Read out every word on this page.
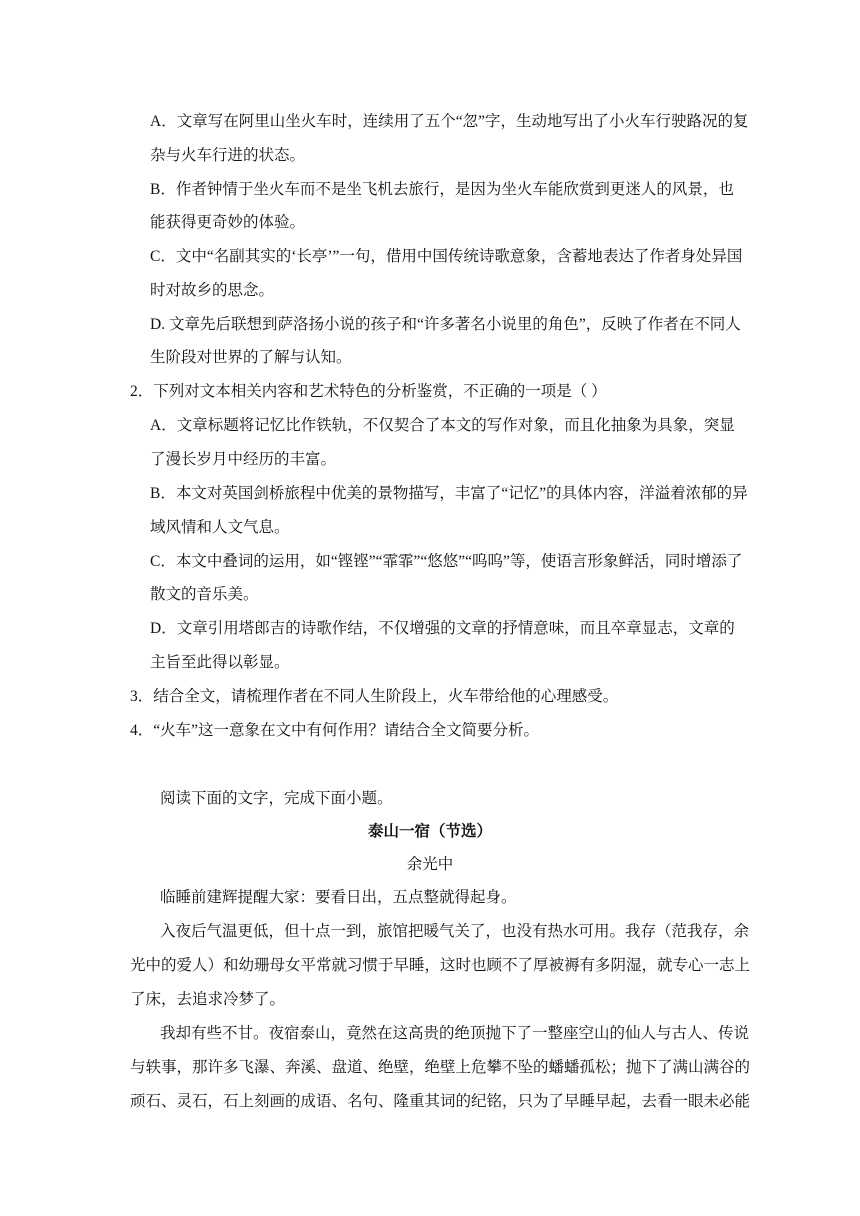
A．文章写在阿里山坐火车时，连续用了五个“忽”字，生动地写出了小火车行驶路况的复
杂与火车行进的状态。
B．作者钟情于坐火车而不是坐飞机去旅行，是因为坐火车能欣赏到更迷人的风景，也
能获得更奇妙的体验。
C．文中“名副其实的‘长亭’”一句，借用中国传统诗歌意象，含蓄地表达了作者身处异国
时对故乡的思念。
D. 文章先后联想到萨洛扬小说的孩子和“许多著名小说里的角色”，反映了作者在不同人
生阶段对世界的了解与认知。
2．下列对文本相关内容和艺术特色的分析鉴赏，不正确的一项是（ ）
A．文章标题将记忆比作铁轨，不仅契合了本文的写作对象，而且化抽象为具象，突显
了漫长岁月中经历的丰富。
B．本文对英国剑桥旅程中优美的景物描写，丰富了“记忆”的具体内容，洋溢着浓郁的异
域风情和人文气息。
C．本文中叠词的运用，如“铿铿”“霏霏”“悠悠”“呜呜”等，使语言形象鲜活，同时增添了
散文的音乐美。
D．文章引用塔郎吉的诗歌作结，不仅增强的文章的抒情意味，而且卒章显志，文章的
主旨至此得以彰显。
3．结合全文，请梳理作者在不同人生阶段上，火车带给他的心理感受。
4．“火车”这一意象在文中有何作用？请结合全文简要分析。
阅读下面的文字，完成下面小题。
泰山一宿（节选）
余光中
临睡前建辉提醒大家：要看日出，五点整就得起身。
入夜后气温更低，但十点一到，旅馆把暖气关了，也没有热水可用。我存（范我存，余
光中的爱人）和幼珊母女平常就习惯于早睡，这时也顾不了厚被褥有多阴湿，就专心一志上
了床，去追求冷梦了。
我却有些不甘。夜宿泰山，竟然在这高贵的绝顶抛下了一整座空山的仙人与古人、传说
与轶事，那许多飞瀑、奔溪、盘道、绝壁，绝壁上危攀不坠的蟠蟠孤松；抛下了满山满谷的
顽石、灵石，石上刻画的成语、名句、隆重其词的纪铭，只为了早睡早起，去看一眼未必能
